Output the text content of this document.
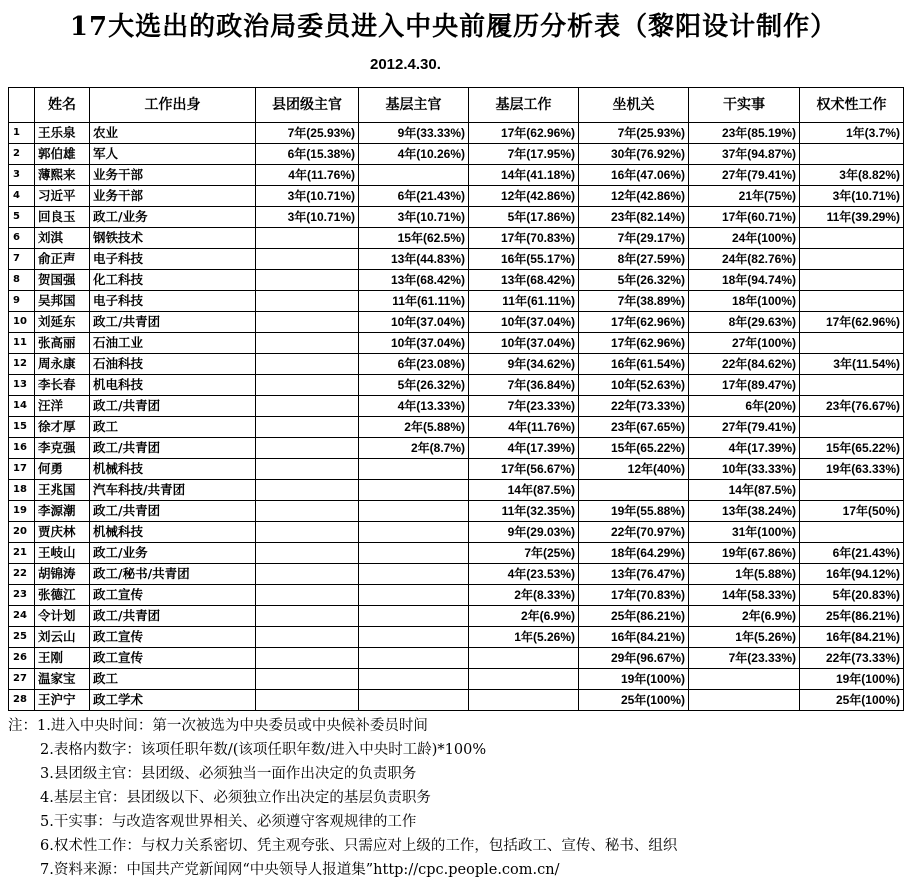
17大选出的政治局委员进入中央前履历分析表（黎阳设计制作）
2012.4.30.
	姓名	工作出身	县团级主官	基层主官	基层工作	坐机关	干实事	权术性工作
1	王乐泉	农业	7年(25.93%)	9年(33.33%)	17年(62.96%)	7年(25.93%)	23年(85.19%)	1年(3.7%)
2	郭伯雄	军人	6年(15.38%)	4年(10.26%)	7年(17.95%)	30年(76.92%)	37年(94.87%)	
3	薄熙来	业务干部	4年(11.76%)		14年(41.18%)	16年(47.06%)	27年(79.41%)	3年(8.82%)
4	习近平	业务干部	3年(10.71%)	6年(21.43%)	12年(42.86%)	12年(42.86%)	21年(75%)	3年(10.71%)
5	回良玉	政工/业务	3年(10.71%)	3年(10.71%)	5年(17.86%)	23年(82.14%)	17年(60.71%)	11年(39.29%)
6	刘淇	钢铁技术		15年(62.5%)	17年(70.83%)	7年(29.17%)	24年(100%)	
7	俞正声	电子科技		13年(44.83%)	16年(55.17%)	8年(27.59%)	24年(82.76%)	
8	贺国强	化工科技		13年(68.42%)	13年(68.42%)	5年(26.32%)	18年(94.74%)	
9	吴邦国	电子科技		11年(61.11%)	11年(61.11%)	7年(38.89%)	18年(100%)	
10	刘延东	政工/共青团		10年(37.04%)	10年(37.04%)	17年(62.96%)	8年(29.63%)	17年(62.96%)
11	张高丽	石油工业		10年(37.04%)	10年(37.04%)	17年(62.96%)	27年(100%)	
12	周永康	石油科技		6年(23.08%)	9年(34.62%)	16年(61.54%)	22年(84.62%)	3年(11.54%)
13	李长春	机电科技		5年(26.32%)	7年(36.84%)	10年(52.63%)	17年(89.47%)	
14	汪洋	政工/共青团		4年(13.33%)	7年(23.33%)	22年(73.33%)	6年(20%)	23年(76.67%)
15	徐才厚	政工		2年(5.88%)	4年(11.76%)	23年(67.65%)	27年(79.41%)	
16	李克强	政工/共青团		2年(8.7%)	4年(17.39%)	15年(65.22%)	4年(17.39%)	15年(65.22%)
17	何勇	机械科技			17年(56.67%)	12年(40%)	10年(33.33%)	19年(63.33%)
18	王兆国	汽车科技/共青团			14年(87.5%)		14年(87.5%)	
19	李源潮	政工/共青团			11年(32.35%)	19年(55.88%)	13年(38.24%)	17年(50%)
20	贾庆林	机械科技			9年(29.03%)	22年(70.97%)	31年(100%)	
21	王岐山	政工/业务			7年(25%)	18年(64.29%)	19年(67.86%)	6年(21.43%)
22	胡锦涛	政工/秘书/共青团			4年(23.53%)	13年(76.47%)	1年(5.88%)	16年(94.12%)
23	张德江	政工宣传			2年(8.33%)	17年(70.83%)	14年(58.33%)	5年(20.83%)
24	令计划	政工/共青团			2年(6.9%)	25年(86.21%)	2年(6.9%)	25年(86.21%)
25	刘云山	政工宣传			1年(5.26%)	16年(84.21%)	1年(5.26%)	16年(84.21%)
26	王刚	政工宣传				29年(96.67%)	7年(23.33%)	22年(73.33%)
27	温家宝	政工				19年(100%)		19年(100%)
28	王沪宁	政工学术				25年(100%)		25年(100%)
注：1.进入中央时间：第一次被选为中央委员或中央候补委员时间
2.表格内数字：该项任职年数/(该项任职年数/进入中央时工龄)*100%
3.县团级主官：县团级、必须独当一面作出决定的负责职务
4.基层主官：县团级以下、必须独立作出决定的基层负责职务
5.干实事：与改造客观世界相关、必须遵守客观规律的工作
6.权术性工作：与权力关系密切、凭主观夸张、只需应对上级的工作，包括政工、宣传、秘书、组织
7.资料来源：中国共产党新闻网“中央领导人报道集”http://cpc.people.com.cn/
